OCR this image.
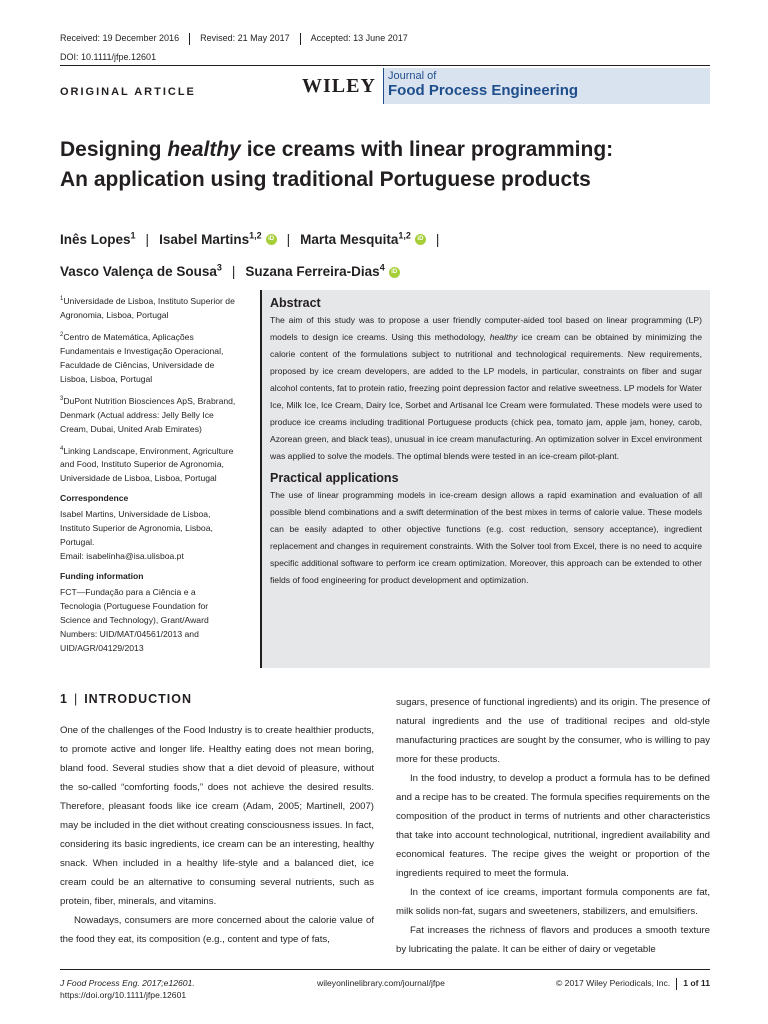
Received: 19 December 2016 Revised: 21 May 2017 Accepted: 13 June 2017
DOI: 10.1111/jfpe.12601
ORIGINAL ARTICLE	WILEY Journal of
Food Process Engineering
Designing healthy ice creams with linear programming:
An application using traditional Portuguese products
Inês Lopes$^1$ | Isabel Martins$^{1,2}$ iD | Marta Mesquita$^{1,2}$ iD |
Vasco Valença de Sousa$^3$ | Suzana Ferreira-Dias$^4$ iD

$^1$Universidade de Lisboa, Instituto Superior de Agronomia, Lisboa, Portugal

$^2$Centro de Matemática, Aplicações Fundamentais e Investigação Operacional, Faculdade de Ciências, Universidade de Lisboa, Lisboa, Portugal

$^3$DuPont Nutrition Biosciences ApS, Brabrand, Denmark (Actual address: Jelly Belly Ice Cream, Dubai, United Arab Emirates)

$^4$Linking Landscape, Environment, Agriculture and Food, Instituto Superior de Agronomia, Universidade de Lisboa, Lisboa, Portugal

Correspondence

Isabel Martins, Universidade de Lisboa, Instituto Superior de Agronomia, Lisboa, Portugal.
Email: isabelinha@isa.ulisboa.pt

Funding information

FCT—Fundação para a Ciência e a Tecnologia (Portuguese Foundation for Science and Technology), Grant/Award Numbers: UID/MAT/04561/2013 and UID/AGR/04129/2013

Abstract

The aim of this study was to propose a user friendly computer-aided tool based on linear programming (LP) models to design ice creams. Using this methodology, healthy ice cream can be obtained by minimizing the calorie content of the formulations subject to nutritional and technological requirements. New requirements, proposed by ice cream developers, are added to the LP models, in particular, constraints on fiber and sugar alcohol contents, fat to protein ratio, freezing point depression factor and relative sweetness. LP models for Water Ice, Milk Ice, Ice Cream, Dairy Ice, Sorbet and Artisanal Ice Cream were formulated. These models were used to produce ice creams including traditional Portuguese products (chick pea, tomato jam, apple jam, honey, carob, Azorean green, and black teas), unusual in ice cream manufacturing. An optimization solver in Excel environment was applied to solve the models. The optimal blends were tested in an ice-cream pilot-plant.

Practical applications

The use of linear programming models in ice-cream design allows a rapid examination and evaluation of all possible blend combinations and a swift determination of the best mixes in terms of calorie value. These models can be easily adapted to other objective functions (e.g. cost reduction, sensory acceptance), ingredient replacement and changes in requirement constraints. With the Solver tool from Excel, there is no need to acquire specific additional software to perform ice cream optimization. Moreover, this approach can be extended to other fields of food engineering for product development and optimization.

1 | INTRODUCTION

One of the challenges of the Food Industry is to create healthier products, to promote active and longer life. Healthy eating does not mean boring, bland food. Several studies show that a diet devoid of pleasure, without the so-called “comforting foods,” does not achieve the desired results. Therefore, pleasant foods like ice cream (Adam, 2005; Martinell, 2007) may be included in the diet without creating consciousness issues. In fact, considering its basic ingredients, ice cream can be an interesting, healthy snack. When included in a healthy life-style and a balanced diet, ice cream could be an alternative to consuming several nutrients, such as protein, fiber, minerals, and vitamins.

Nowadays, consumers are more concerned about the calorie value of the food they eat, its composition (e.g., content and type of fats,

sugars, presence of functional ingredients) and its origin. The presence of natural ingredients and the use of traditional recipes and old-style manufacturing practices are sought by the consumer, who is willing to pay more for these products.

In the food industry, to develop a product a formula has to be defined and a recipe has to be created. The formula specifies requirements on the composition of the product in terms of nutrients and other characteristics that take into account technological, nutritional, ingredient availability and economical features. The recipe gives the weight or proportion of the ingredients required to meet the formula.

In the context of ice creams, important formula components are fat, milk solids non-fat, sugars and sweeteners, stabilizers, and emulsifiers.

Fat increases the richness of flavors and produces a smooth texture by lubricating the palate. It can be either of dairy or vegetable

J Food Process Eng. 2017;e12601.
https://doi.org/10.1111/jfpe.12601
wileyonlinelibrary.com/journal/jfpe	© 2017 Wiley Periodicals, Inc. 1 of 11
